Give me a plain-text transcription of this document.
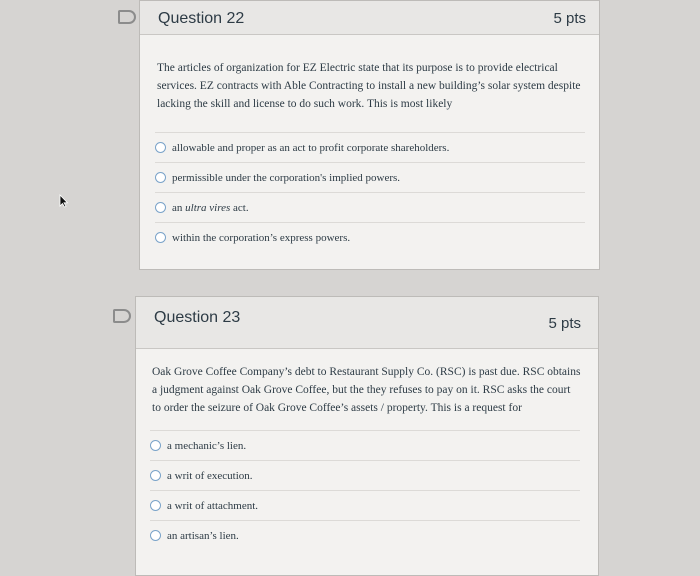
Question 22	5 pts
The articles of organization for EZ Electric state that its purpose is to provide electrical
services. EZ contracts with Able Contracting to install a new building’s solar system despite
lacking the skill and license to do such work. This is most likely
allowable and proper as an act to profit corporate shareholders.
permissible under the corporation's implied powers.
an ultra vires act.
within the corporation’s express powers.
Question 23	5 pts
Oak Grove Coffee Company’s debt to Restaurant Supply Co. (RSC) is past due. RSC obtains
a judgment against Oak Grove Coffee, but the they refuses to pay on it. RSC asks the court
to order the seizure of Oak Grove Coffee’s assets / property. This is a request for
a mechanic’s lien.
a writ of execution.
a writ of attachment.
an artisan’s lien.
